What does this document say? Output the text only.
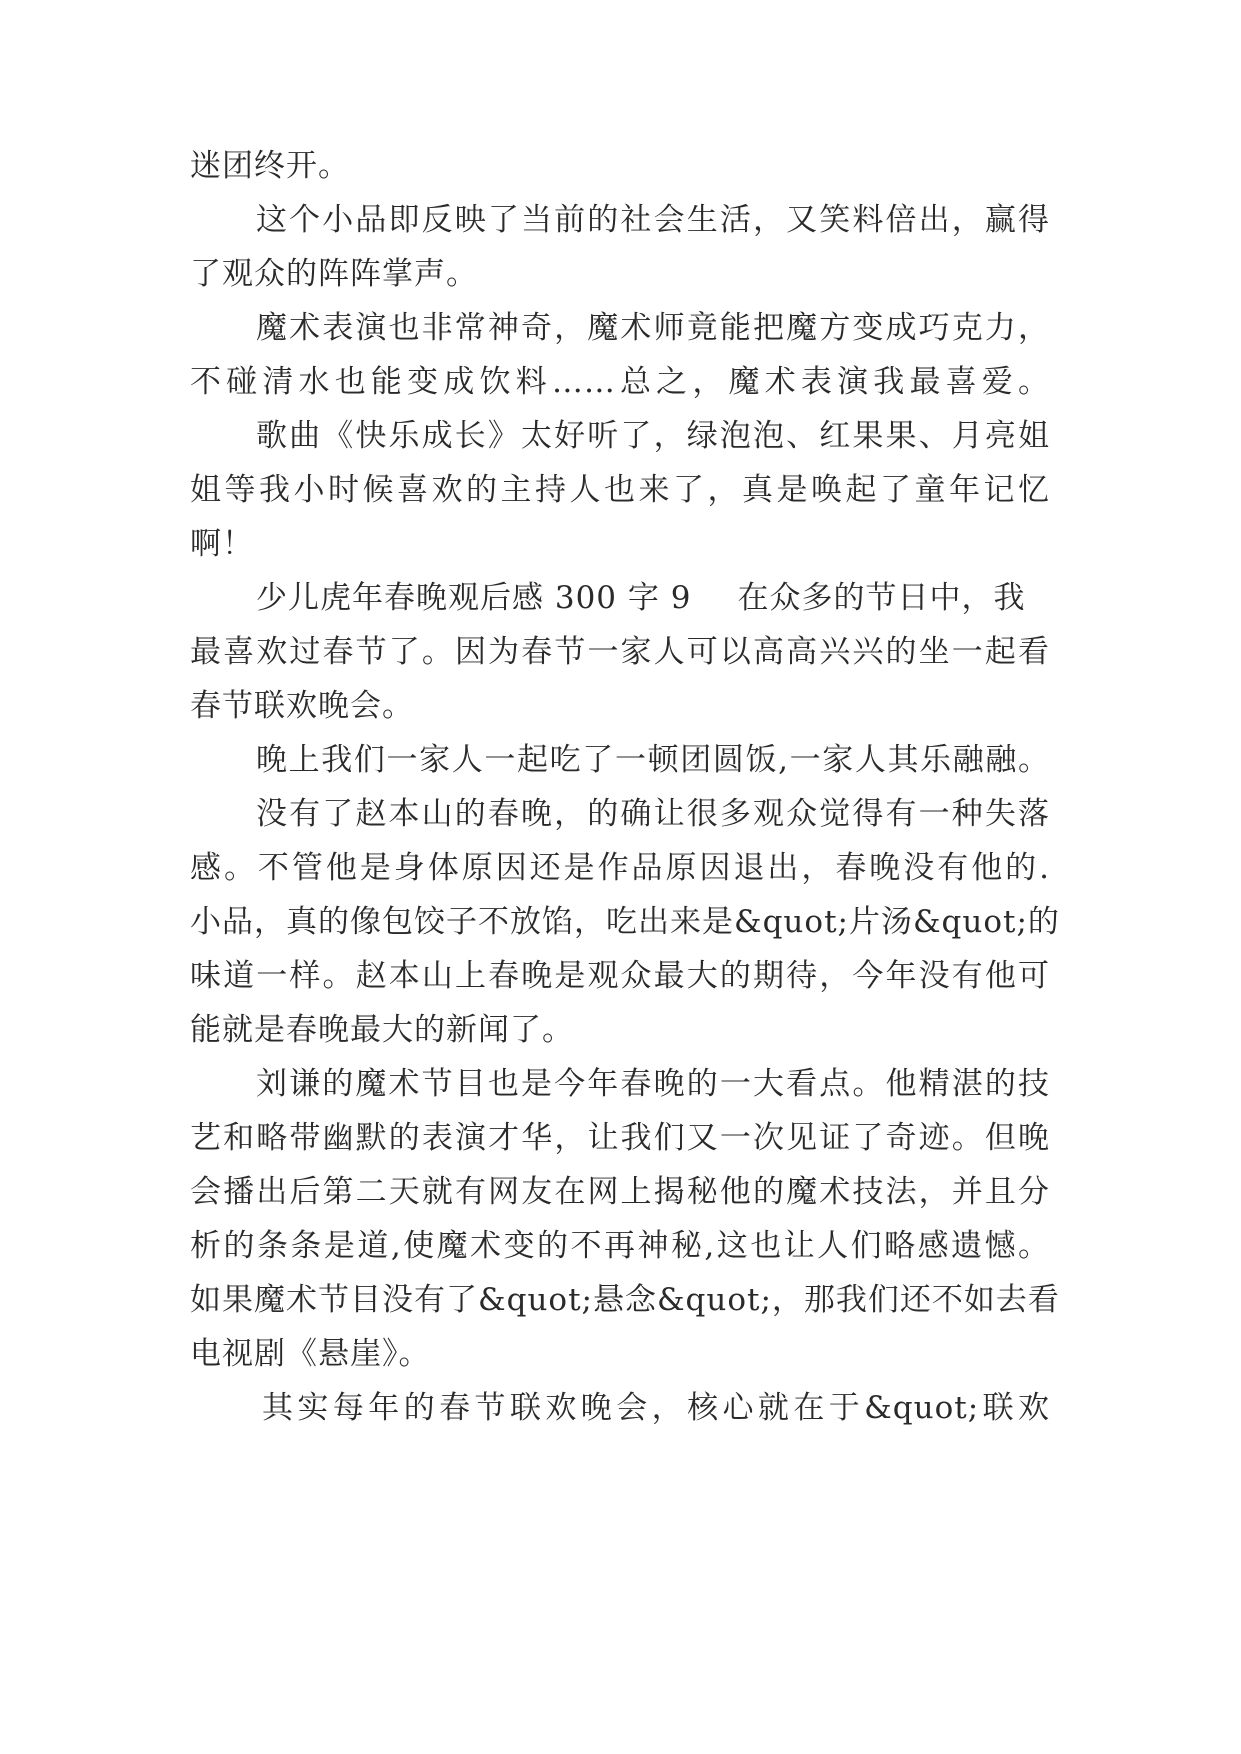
迷团终开。
这个小品即反映了当前的社会生活，又笑料倍出，赢得
了观众的阵阵掌声。
魔术表演也非常神奇，魔术师竟能把魔方变成巧克力，
不碰清水也能变成饮料……总之，魔术表演我最喜爱。
歌曲《快乐成长》太好听了，绿泡泡、红果果、月亮姐
姐等我小时候喜欢的主持人也来了，真是唤起了童年记忆
啊！
少儿虎年春晚观后感 300 字 9 在众多的节日中，我
最喜欢过春节了。因为春节一家人可以高高兴兴的坐一起看
春节联欢晚会。
晚上我们一家人一起吃了一顿团圆饭,一家人其乐融融。
没有了赵本山的春晚，的确让很多观众觉得有一种失落
感。不管他是身体原因还是作品原因退出，春晚没有他的.
小品，真的像包饺子不放馅，吃出来是&quot;片汤&quot;的
味道一样。赵本山上春晚是观众最大的期待，今年没有他可
能就是春晚最大的新闻了。
刘谦的魔术节目也是今年春晚的一大看点。他精湛的技
艺和略带幽默的表演才华，让我们又一次见证了奇迹。但晚
会播出后第二天就有网友在网上揭秘他的魔术技法，并且分
析的条条是道,使魔术变的不再神秘,这也让人们略感遗憾。
如果魔术节目没有了&quot;悬念&quot;，那我们还不如去看
电视剧《悬崖》。
其实每年的春节联欢晚会，核心就在于&quot;联欢
